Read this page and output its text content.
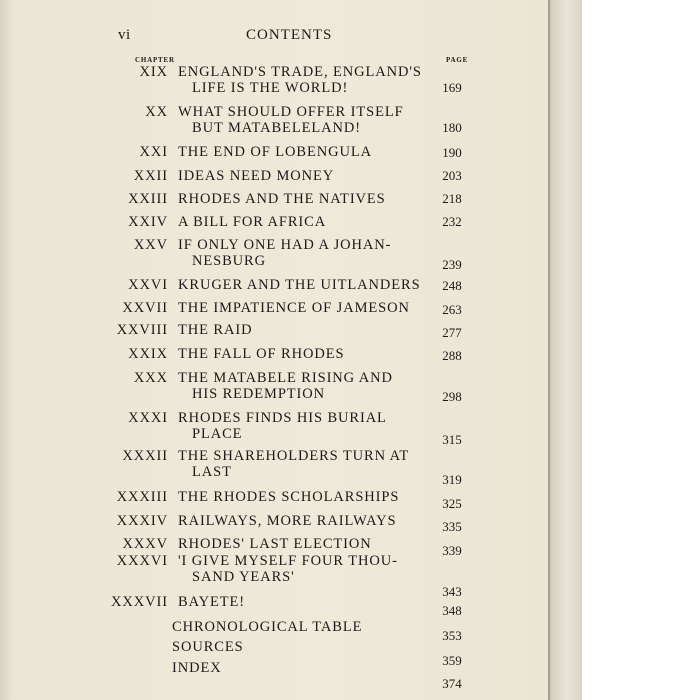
vi	CONTENTS
CHAPTER	PAGE
XIX ENGLAND'S TRADE, ENGLAND'S
LIFE IS THE WORLD!	169
XX WHAT SHOULD OFFER ITSELF
BUT MATABELELAND!	180
XXI THE END OF LOBENGULA	190
XXII IDEAS NEED MONEY	203
XXIII RHODES AND THE NATIVES	218
XXIV A BILL FOR AFRICA	232
XXV IF ONLY ONE HAD A JOHAN-
NESBURG	239
XXVI KRUGER AND THE UITLANDERS	248
XXVII THE IMPATIENCE OF JAMESON	263
XXVIII THE RAID	277
XXIX THE FALL OF RHODES	288
XXX THE MATABELE RISING AND
HIS REDEMPTION	298
XXXI RHODES FINDS HIS BURIAL
PLACE	315
XXXII THE SHAREHOLDERS TURN AT
LAST	319
XXXIII THE RHODES SCHOLARSHIPS	325
XXXIV RAILWAYS, MORE RAILWAYS	335
XXXV RHODES' LAST ELECTION	339
XXXVI 'I GIVE MYSELF FOUR THOU-
SAND YEARS'
343
XXXVII BAYETE!
348
CHRONOLOGICAL TABLE
353
SOURCES
359
INDEX
374
